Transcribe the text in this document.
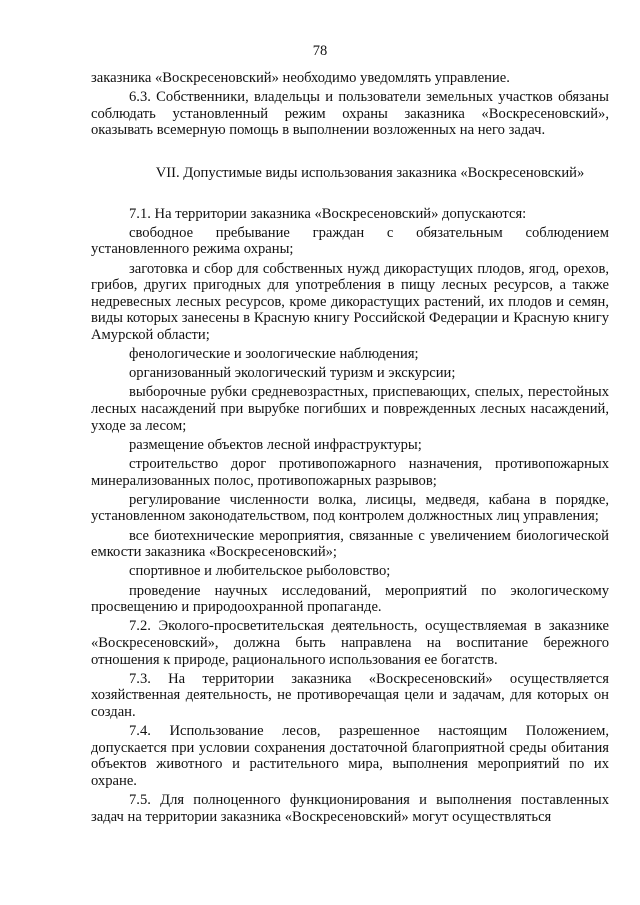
78

заказника «Воскресеновский» необходимо уведомлять управление.

6.3. Собственники, владельцы и пользователи земельных участков обязаны соблюдать установленный режим охраны заказника «Воскресеновский», оказывать всемерную помощь в выполнении возложенных на него задач.

VII. Допустимые виды использования заказника «Воскресеновский»

7.1. На территории заказника «Воскресеновский» допускаются:

свободное пребывание граждан с обязательным соблюдением установленного режима охраны;

заготовка и сбор для собственных нужд дикорастущих плодов, ягод, орехов, грибов, других пригодных для употребления в пищу лесных ресурсов, а также недревесных лесных ресурсов, кроме дикорастущих растений, их плодов и семян, виды которых занесены в Красную книгу Российской Федерации и Красную книгу Амурской области;

фенологические и зоологические наблюдения;

организованный экологический туризм и экскурсии;

выборочные рубки средневозрастных, приспевающих, спелых, перестойных лесных насаждений при вырубке погибших и поврежденных лесных насаждений, уходе за лесом;

размещение объектов лесной инфраструктуры;

строительство дорог противопожарного назначения, противопожарных минерализованных полос, противопожарных разрывов;

регулирование численности волка, лисицы, медведя, кабана в порядке, установленном законодательством, под контролем должностных лиц управления;

все биотехнические мероприятия, связанные с увеличением биологической емкости заказника «Воскресеновский»;

спортивное и любительское рыболовство;

проведение научных исследований, мероприятий по экологическому просвещению и природоохранной пропаганде.

7.2. Эколого-просветительская деятельность, осуществляемая в заказнике «Воскресеновский», должна быть направлена на воспитание бережного отношения к природе, рационального использования ее богатств.

7.3. На территории заказника «Воскресеновский» осуществляется хозяйственная деятельность, не противоречащая цели и задачам, для которых он создан.

7.4. Использование лесов, разрешенное настоящим Положением, допускается при условии сохранения достаточной благоприятной среды обитания объектов животного и растительного мира, выполнения мероприятий по их охране.

7.5. Для полноценного функционирования и выполнения поставленных задач на территории заказника «Воскресеновский» могут осуществляться
